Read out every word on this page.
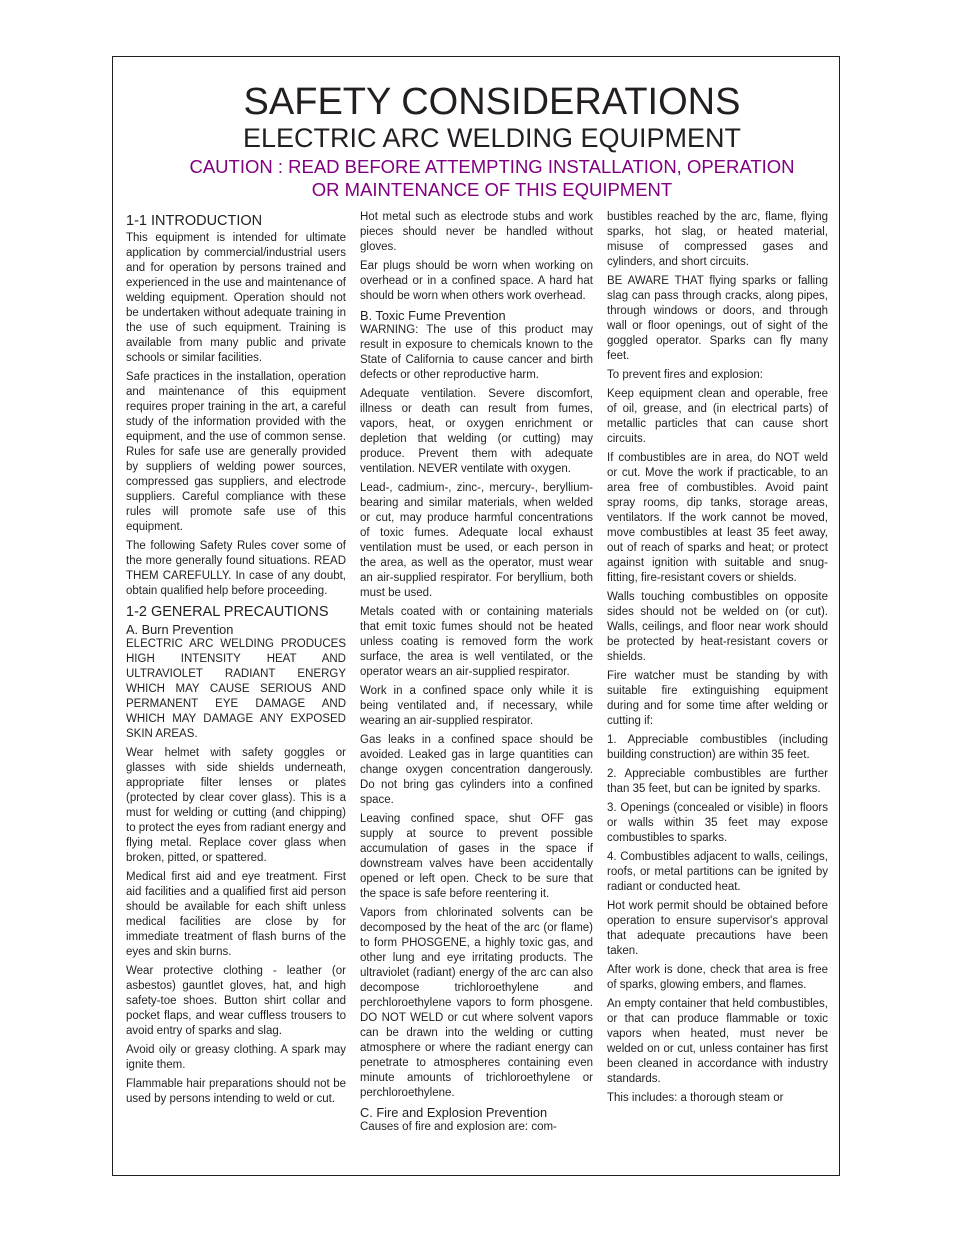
SAFETY CONSIDERATIONS
ELECTRIC ARC WELDING EQUIPMENT
CAUTION : READ BEFORE ATTEMPTING INSTALLATION, OPERATION
OR MAINTENANCE OF THIS EQUIPMENT
1-1 INTRODUCTION

This equipment is intended for ultimate application by commercial/industrial users and for operation by persons trained and experienced in the use and maintenance of welding equipment. Operation should not be undertaken without adequate training in the use of such equipment. Training is available from many public and private schools or similar facilities.

Safe practices in the installation, operation and maintenance of this equipment requires proper training in the art, a careful study of the information provided with the equipment, and the use of common sense. Rules for safe use are generally provided by suppliers of welding power sources, compressed gas suppliers, and electrode suppliers. Careful compliance with these rules will promote safe use of this equipment.

The following Safety Rules cover some of the more generally found situations. READ THEM CAREFULLY. In case of any doubt, obtain qualified help before proceeding.

1-2 GENERAL PRECAUTIONS
A. Burn Prevention

ELECTRIC ARC WELDING PRODUCES HIGH INTENSITY HEAT AND ULTRAVIOLET RADIANT ENERGY WHICH MAY CAUSE SERIOUS AND PERMANENT EYE DAMAGE AND WHICH MAY DAMAGE ANY EXPOSED SKIN AREAS.

Wear helmet with safety goggles or glasses with side shields underneath, appropriate filter lenses or plates (protected by clear cover glass). This is a must for welding or cutting (and chipping) to protect the eyes from radiant energy and flying metal. Replace cover glass when broken, pitted, or spattered.

Medical first aid and eye treatment. First aid facilities and a qualified first aid person should be available for each shift unless medical facilities are close by for immediate treatment of flash burns of the eyes and skin burns.

Wear protective clothing - leather (or asbestos) gauntlet gloves, hat, and high safety-toe shoes. Button shirt collar and pocket flaps, and wear cuffless trousers to avoid entry of sparks and slag.

Avoid oily or greasy clothing. A spark may ignite them.

Flammable hair preparations should not be used by persons intending to weld or cut.

Hot metal such as electrode stubs and work pieces should never be handled without gloves.

Ear plugs should be worn when working on overhead or in a confined space. A hard hat should be worn when others work overhead.

B. Toxic Fume Prevention

WARNING: The use of this product may result in exposure to chemicals known to the State of California to cause cancer and birth defects or other reproductive harm.

Adequate ventilation. Severe discomfort, illness or death can result from fumes, vapors, heat, or oxygen enrichment or depletion that welding (or cutting) may produce. Prevent them with adequate ventilation. NEVER ventilate with oxygen.

Lead-, cadmium-, zinc-, mercury-, beryllium-bearing and similar materials, when welded or cut, may produce harmful concentrations of toxic fumes. Adequate local exhaust ventilation must be used, or each person in the area, as well as the operator, must wear an air-supplied respirator. For beryllium, both must be used.

Metals coated with or containing materials that emit toxic fumes should not be heated unless coating is removed form the work surface, the area is well ventilated, or the operator wears an air-supplied respirator.

Work in a confined space only while it is being ventilated and, if necessary, while wearing an air-supplied respirator.

Gas leaks in a confined space should be avoided. Leaked gas in large quantities can change oxygen concentration dangerously. Do not bring gas cylinders into a confined space.

Leaving confined space, shut OFF gas supply at source to prevent possible accumulation of gases in the space if downstream valves have been accidentally opened or left open. Check to be sure that the space is safe before reentering it.

Vapors from chlorinated solvents can be decomposed by the heat of the arc (or flame) to form PHOSGENE, a highly toxic gas, and other lung and eye irritating products. The ultraviolet (radiant) energy of the arc can also decompose trichloroethylene and perchloroethylene vapors to form phosgene. DO NOT WELD or cut where solvent vapors can be drawn into the welding or cutting atmosphere or where the radiant energy can penetrate to atmospheres containing even minute amounts of trichloroethylene or perchloroethylene.

C. Fire and Explosion Prevention

Causes of fire and explosion are: com-

bustibles reached by the arc, flame, flying sparks, hot slag, or heated material, misuse of compressed gases and cylinders, and short circuits.

BE AWARE THAT flying sparks or falling slag can pass through cracks, along pipes, through windows or doors, and through wall or floor openings, out of sight of the goggled operator. Sparks can fly many feet.

To prevent fires and explosion:

Keep equipment clean and operable, free of oil, grease, and (in electrical parts) of metallic particles that can cause short circuits.

If combustibles are in area, do NOT weld or cut. Move the work if practicable, to an area free of combustibles. Avoid paint spray rooms, dip tanks, storage areas, ventilators. If the work cannot be moved, move combustibles at least 35 feet away, out of reach of sparks and heat; or protect against ignition with suitable and snug-fitting, fire-resistant covers or shields.

Walls touching combustibles on opposite sides should not be welded on (or cut). Walls, ceilings, and floor near work should be protected by heat-resistant covers or shields.

Fire watcher must be standing by with suitable fire extinguishing equipment during and for some time after welding or cutting if:

1. Appreciable combustibles (including building construction) are within 35 feet.

2. Appreciable combustibles are further than 35 feet, but can be ignited by sparks.

3. Openings (concealed or visible) in floors or walls within 35 feet may expose combustibles to sparks.

4. Combustibles adjacent to walls, ceilings, roofs, or metal partitions can be ignited by radiant or conducted heat.

Hot work permit should be obtained before operation to ensure supervisor's approval that adequate precautions have been taken.

After work is done, check that area is free of sparks, glowing embers, and flames.

An empty container that held combustibles, or that can produce flammable or toxic vapors when heated, must never be welded on or cut, unless container has first been cleaned in accordance with industry standards.

This includes: a thorough steam or
